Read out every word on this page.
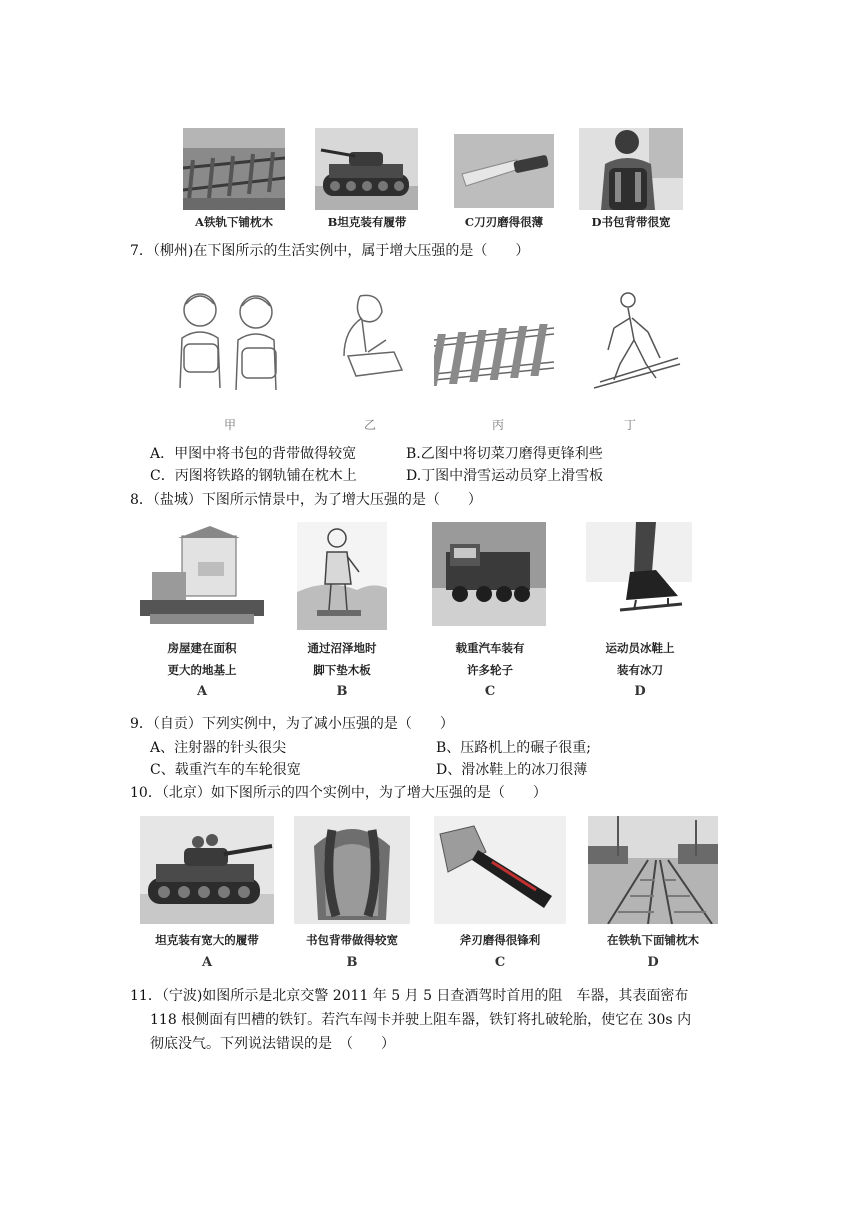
A铁轨下铺枕木	B坦克装有履带	C刀刃磨得很薄	D书包背带很宽
7．（柳州)在下图所示的生活实例中，属于增大压强的是（　　）
甲	乙	丙	丁
A．甲图中将书包的背带做得较宽	B.乙图中将切菜刀磨得更锋利些
C．丙图将铁路的钢轨铺在枕木上	D.丁图中滑雪运动员穿上滑雪板
8．（盐城）下图所示情景中，为了增大压强的是（　　）
房屋建在面积
更大的地基上
A
通过沼泽地时
脚下垫木板
B
载重汽车装有
许多轮子
C
运动员冰鞋上
装有冰刀
D
9．（自贡）下列实例中，为了减小压强的是（　　）
A、注射器的针头很尖	B、压路机上的碾子很重;
C、载重汽车的车轮很宽	D、滑冰鞋上的冰刀很薄
10．（北京）如下图所示的四个实例中，为了增大压强的是（　　）
坦克装有宽大的履带
A
书包背带做得较宽
B
斧刃磨得很锋利
C
在铁轨下面铺枕木
D
11．（宁波)如图所示是北京交警 2011 年 5 月 5 日查酒驾时首用的阻　车器，其表面密布
118 根侧面有凹槽的铁钉。若汽车闯卡并驶上阻车器，铁钉将扎破轮胎，使它在 30s 内
彻底没气。下列说法错误的是　（　　）
